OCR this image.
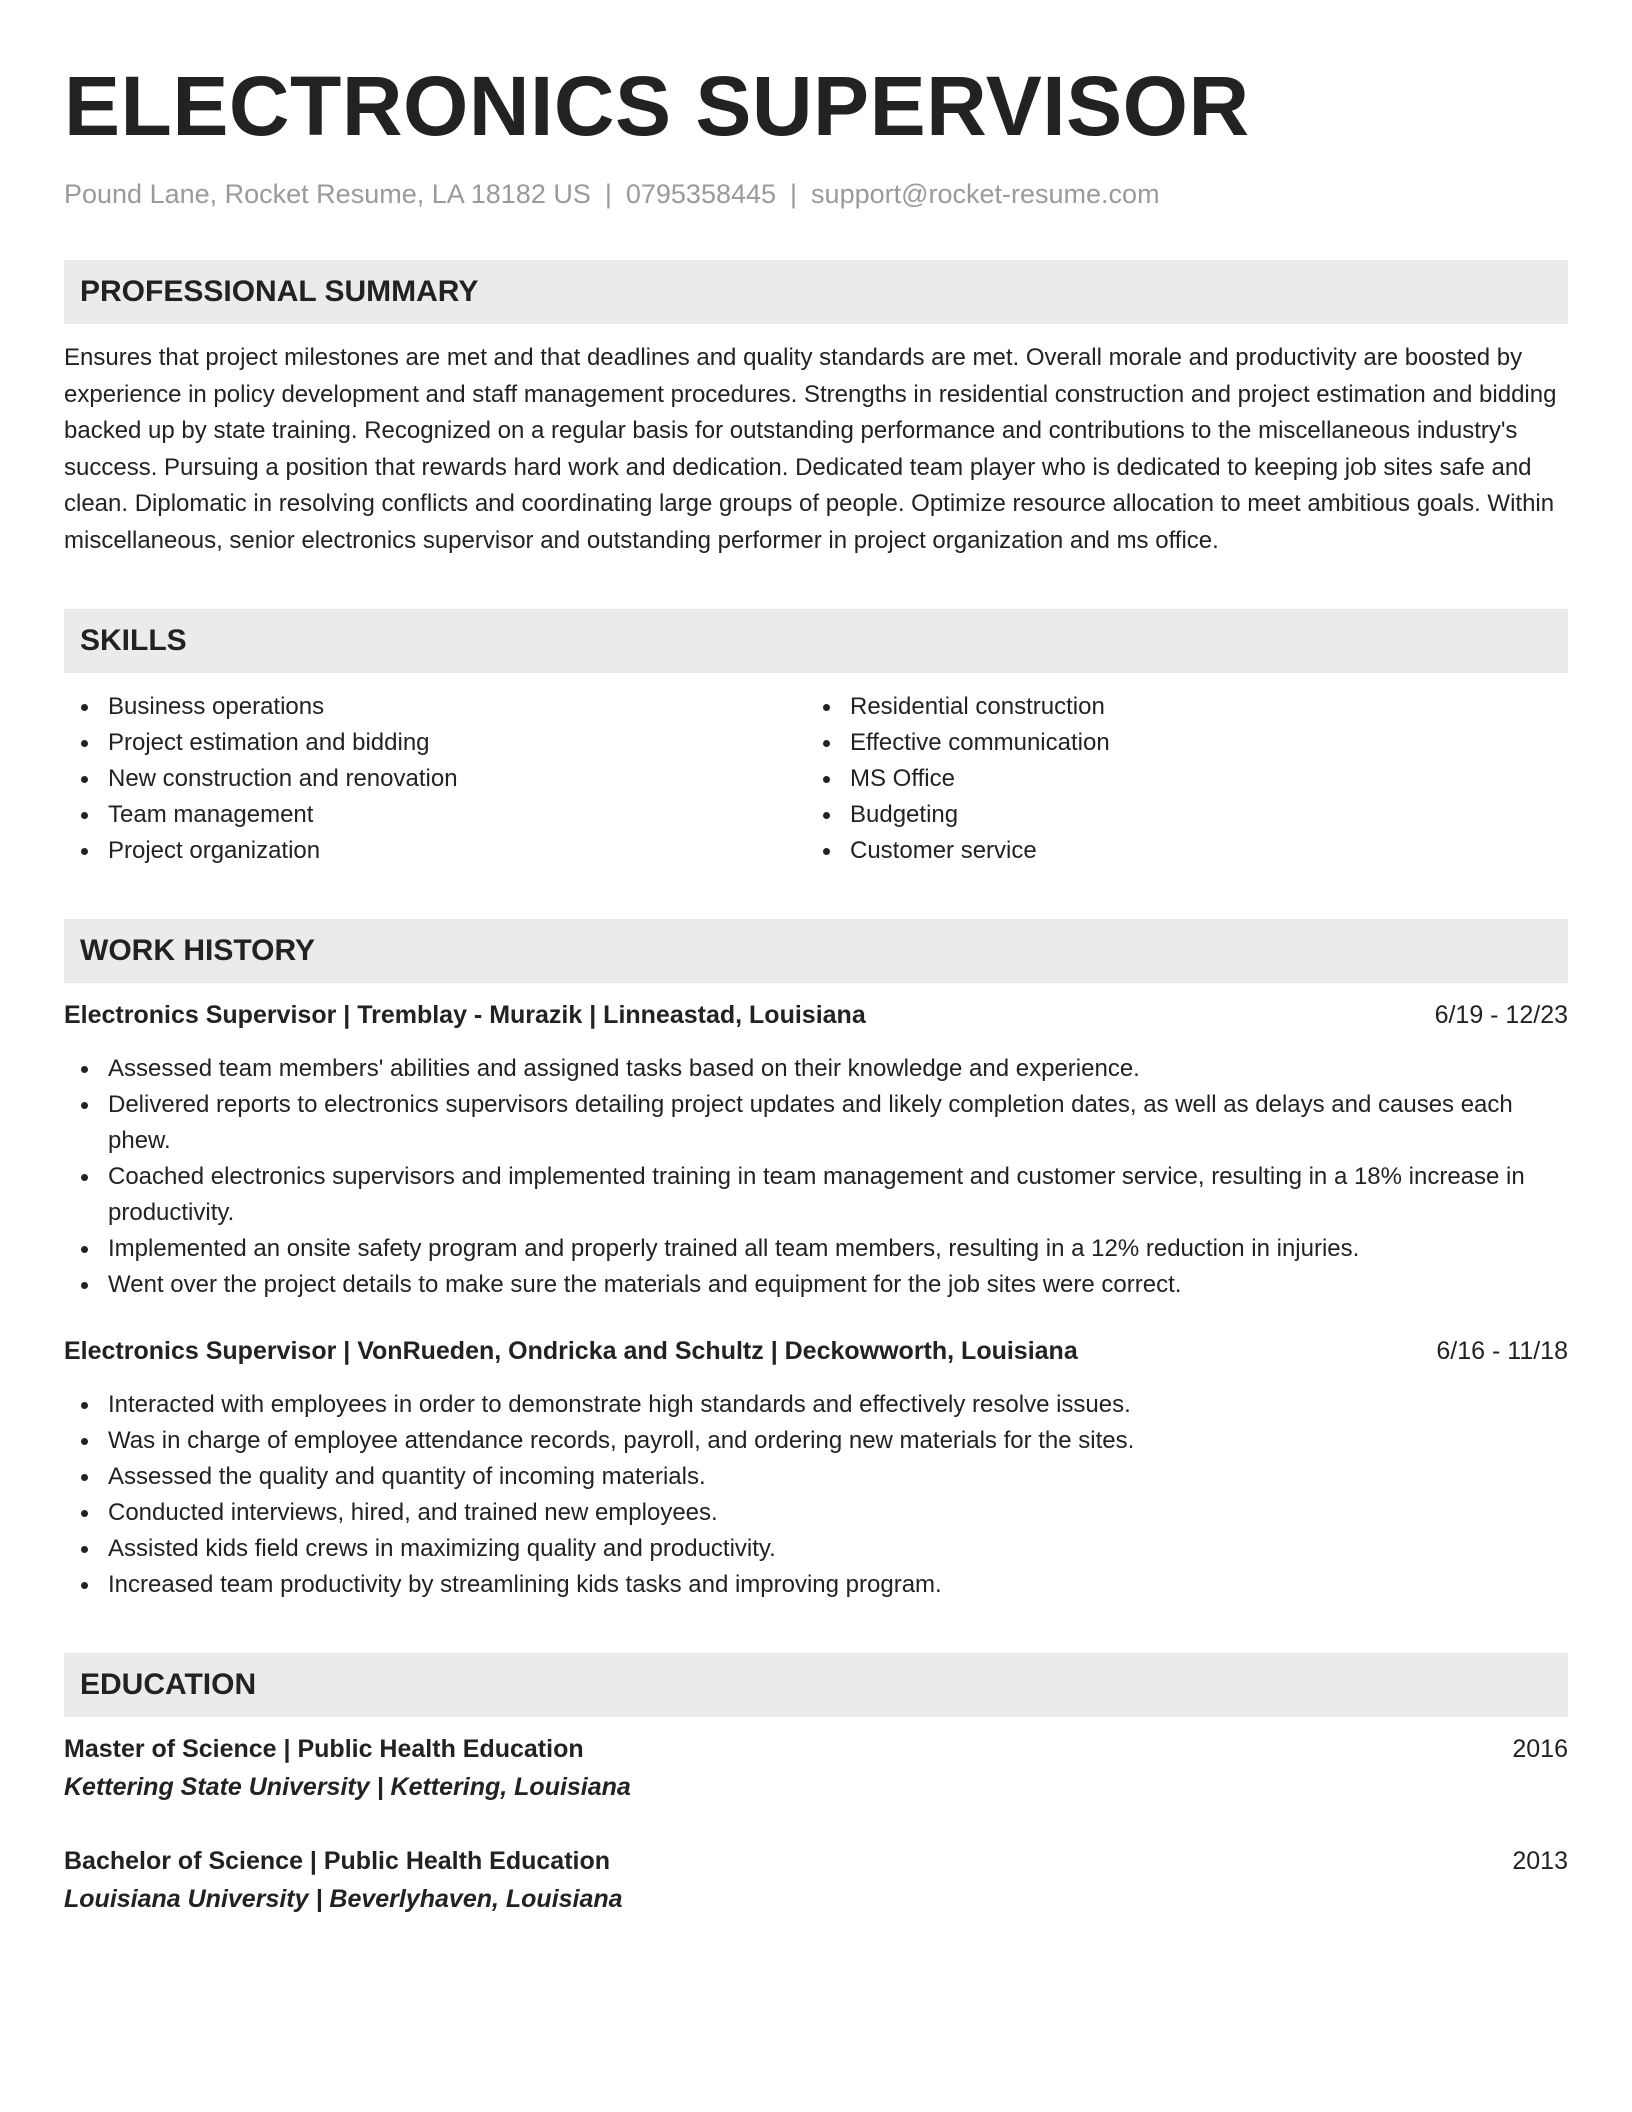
ELECTRONICS SUPERVISOR
Pound Lane, Rocket Resume, LA 18182 US | 0795358445 | support@rocket-resume.com
PROFESSIONAL SUMMARY
Ensures that project milestones are met and that deadlines and quality standards are met. Overall morale and productivity are boosted by experience in policy development and staff management procedures. Strengths in residential construction and project estimation and bidding backed up by state training. Recognized on a regular basis for outstanding performance and contributions to the miscellaneous industry's success. Pursuing a position that rewards hard work and dedication. Dedicated team player who is dedicated to keeping job sites safe and clean. Diplomatic in resolving conflicts and coordinating large groups of people. Optimize resource allocation to meet ambitious goals. Within miscellaneous, senior electronics supervisor and outstanding performer in project organization and ms office.
SKILLS
Business operations
Project estimation and bidding
New construction and renovation
Team management
Project organization
Residential construction
Effective communication
MS Office
Budgeting
Customer service
WORK HISTORY
Electronics Supervisor | Tremblay - Murazik | Linneastad, Louisiana	6/19 - 12/23
Assessed team members' abilities and assigned tasks based on their knowledge and experience.
Delivered reports to electronics supervisors detailing project updates and likely completion dates, as well as delays and causes each phew.
Coached electronics supervisors and implemented training in team management and customer service, resulting in a 18% increase in productivity.
Implemented an onsite safety program and properly trained all team members, resulting in a 12% reduction in injuries.
Went over the project details to make sure the materials and equipment for the job sites were correct.
Electronics Supervisor | VonRueden, Ondricka and Schultz | Deckowworth, Louisiana	6/16 - 11/18
Interacted with employees in order to demonstrate high standards and effectively resolve issues.
Was in charge of employee attendance records, payroll, and ordering new materials for the sites.
Assessed the quality and quantity of incoming materials.
Conducted interviews, hired, and trained new employees.
Assisted kids field crews in maximizing quality and productivity.
Increased team productivity by streamlining kids tasks and improving program.
EDUCATION
Master of Science | Public Health Education	2016
Kettering State University | Kettering, Louisiana
Bachelor of Science | Public Health Education	2013
Louisiana University | Beverlyhaven, Louisiana
